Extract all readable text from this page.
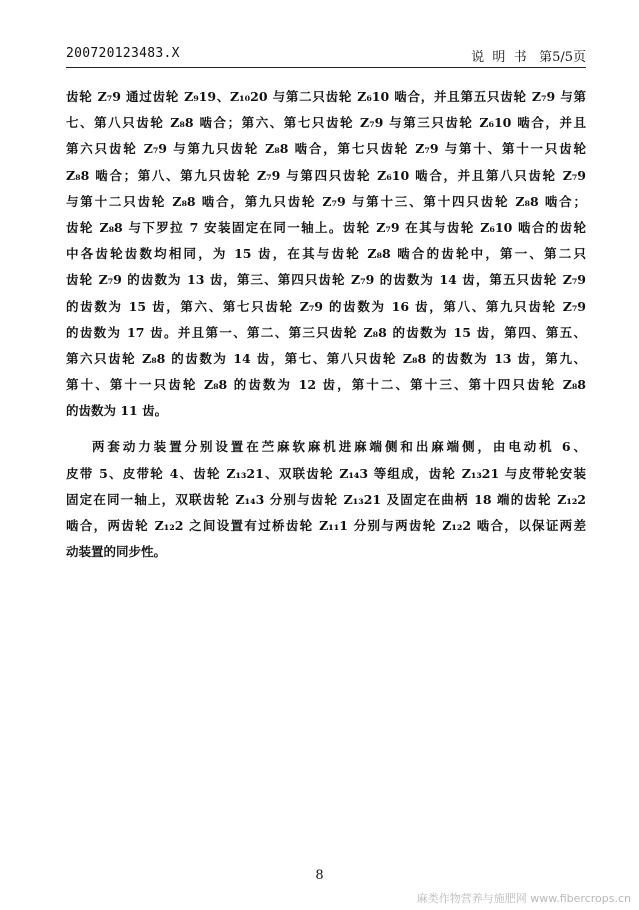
200720123483.X	说  明  书   第5/5页
齿轮 Z₇9 通过齿轮 Z₉19、Z₁₀20 与第二只齿轮 Z₆10 啮合，并且第五只齿轮 Z₇9 与第
七、第八只齿轮 Z₈8 啮合；第六、第七只齿轮 Z₇9 与第三只齿轮 Z₆10 啮合，并且
第六只齿轮 Z₇9 与第九只齿轮 Z₈8 啮合，第七只齿轮 Z₇9 与第十、第十一只齿轮
Z₈8 啮合；第八、第九只齿轮 Z₇9 与第四只齿轮 Z₆10 啮合，并且第八只齿轮 Z₇9
与第十二只齿轮 Z₈8 啮合，第九只齿轮 Z₇9 与第十三、第十四只齿轮 Z₈8 啮合；
齿轮 Z₈8 与下罗拉 7 安装固定在同一轴上。齿轮 Z₇9 在其与齿轮 Z₆10 啮合的齿轮
中各齿轮齿数均相同，为 15 齿，在其与齿轮 Z₈8 啮合的齿轮中，第一、第二只
齿轮 Z₇9 的齿数为 13 齿，第三、第四只齿轮 Z₇9 的齿数为 14 齿，第五只齿轮 Z₇9
的齿数为 15 齿，第六、第七只齿轮 Z₇9 的齿数为 16 齿，第八、第九只齿轮 Z₇9
的齿数为 17 齿。并且第一、第二、第三只齿轮 Z₈8 的齿数为 15 齿，第四、第五、
第六只齿轮 Z₈8 的齿数为 14 齿，第七、第八只齿轮 Z₈8 的齿数为 13 齿，第九、
第十、第十一只齿轮 Z₈8 的齿数为 12 齿，第十二、第十三、第十四只齿轮 Z₈8
的齿数为 11 齿。
两套动力装置分别设置在苎麻软麻机进麻端侧和出麻端侧，由电动机 6、
皮带 5、皮带轮 4、齿轮 Z₁₃21、双联齿轮 Z₁₄3 等组成，齿轮 Z₁₃21 与皮带轮安装
固定在同一轴上，双联齿轮 Z₁₄3 分别与齿轮 Z₁₃21 及固定在曲柄 18 端的齿轮 Z₁₂2
啮合，两齿轮 Z₁₂2 之间设置有过桥齿轮 Z₁₁1 分别与两齿轮 Z₁₂2 啮合，以保证两差
动装置的同步性。
8
麻类作物营养与施肥网 www.fibercrops.cn
